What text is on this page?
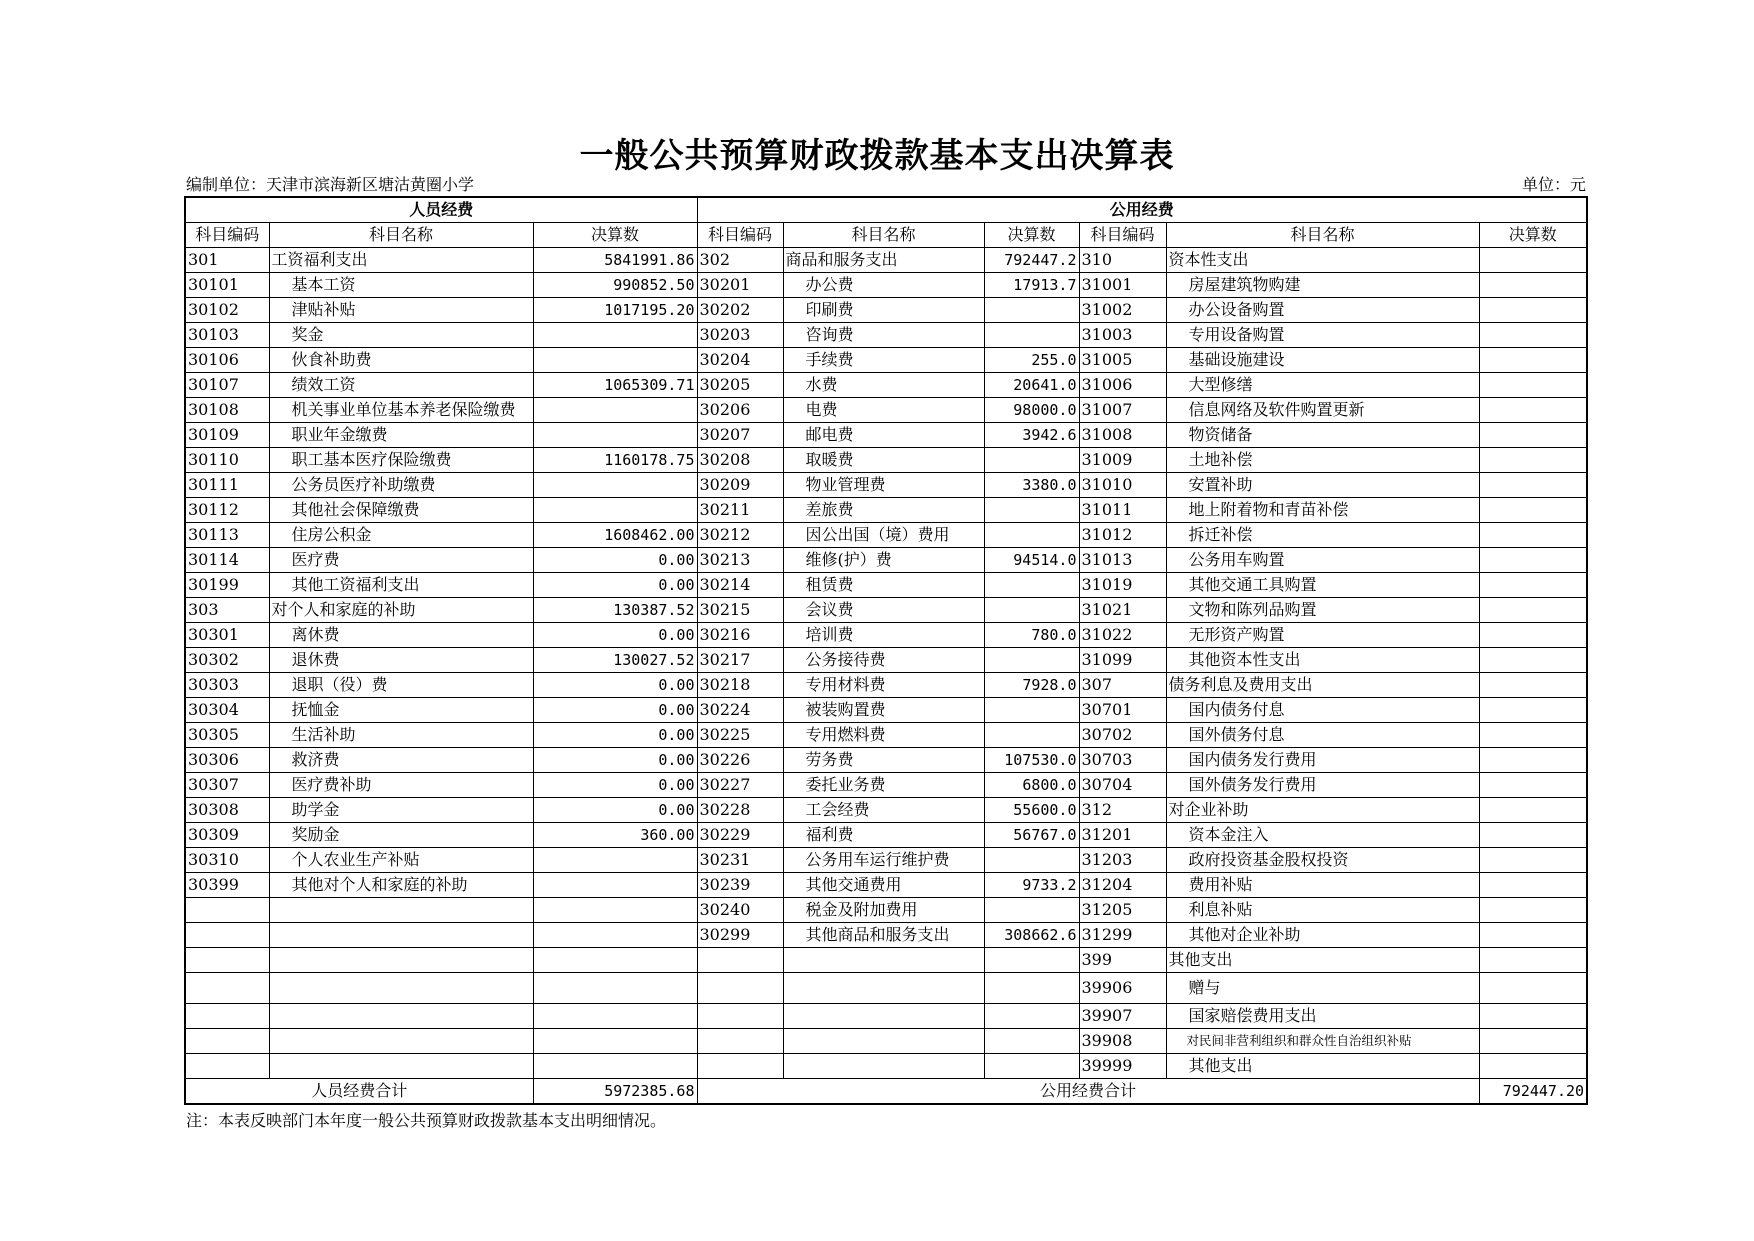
一般公共预算财政拨款基本支出决算表
编制单位：天津市滨海新区塘沽黄圈小学	单位：元
人员经费			公用经费					
科目编码	科目名称	决算数	科目编码	科目名称	决算数	科目编码	科目名称	决算数
301	工资福利支出	5841991.86	302	商品和服务支出	792447.2	310	资本性支出	
30101	基本工资	990852.50	30201	办公费	17913.7	31001	房屋建筑物购建	
30102	津贴补贴	1017195.20	30202	印刷费		31002	办公设备购置	
30103	奖金		30203	咨询费		31003	专用设备购置	
30106	伙食补助费		30204	手续费	255.0	31005	基础设施建设	
30107	绩效工资	1065309.71	30205	水费	20641.0	31006	大型修缮	
30108	机关事业单位基本养老保险缴费		30206	电费	98000.0	31007	信息网络及软件购置更新	
30109	职业年金缴费		30207	邮电费	3942.6	31008	物资储备	
30110	职工基本医疗保险缴费	1160178.75	30208	取暖费		31009	土地补偿	
30111	公务员医疗补助缴费		30209	物业管理费	3380.0	31010	安置补助	
30112	其他社会保障缴费		30211	差旅费		31011	地上附着物和青苗补偿	
30113	住房公积金	1608462.00	30212	因公出国（境）费用		31012	拆迁补偿	
30114	医疗费	0.00	30213	维修(护）费	94514.0	31013	公务用车购置	
30199	其他工资福利支出	0.00	30214	租赁费		31019	其他交通工具购置	
303	对个人和家庭的补助	130387.52	30215	会议费		31021	文物和陈列品购置	
30301	离休费	0.00	30216	培训费	780.0	31022	无形资产购置	
30302	退休费	130027.52	30217	公务接待费		31099	其他资本性支出	
30303	退职（役）费	0.00	30218	专用材料费	7928.0	307	债务利息及费用支出	
30304	抚恤金	0.00	30224	被装购置费		30701	国内债务付息	
30305	生活补助	0.00	30225	专用燃料费		30702	国外债务付息	
30306	救济费	0.00	30226	劳务费	107530.0	30703	国内债务发行费用	
30307	医疗费补助	0.00	30227	委托业务费	6800.0	30704	国外债务发行费用	
30308	助学金	0.00	30228	工会经费	55600.0	312	对企业补助	
30309	奖励金	360.00	30229	福利费	56767.0	31201	资本金注入	
30310	个人农业生产补贴		30231	公务用车运行维护费		31203	政府投资基金股权投资	
30399	其他对个人和家庭的补助		30239	其他交通费用	9733.2	31204	费用补贴	
			30240	税金及附加费用		31205	利息补贴	
			30299	其他商品和服务支出	308662.6	31299	其他对企业补助	
						399	其他支出	
						39906	赠与	
						39907	国家赔偿费用支出	
						39908	对民间非营利组织和群众性自治组织补贴	
						39999	其他支出	
人员经费合计		5972385.68	公用经费合计					792447.20
注：本表反映部门本年度一般公共预算财政拨款基本支出明细情况。
